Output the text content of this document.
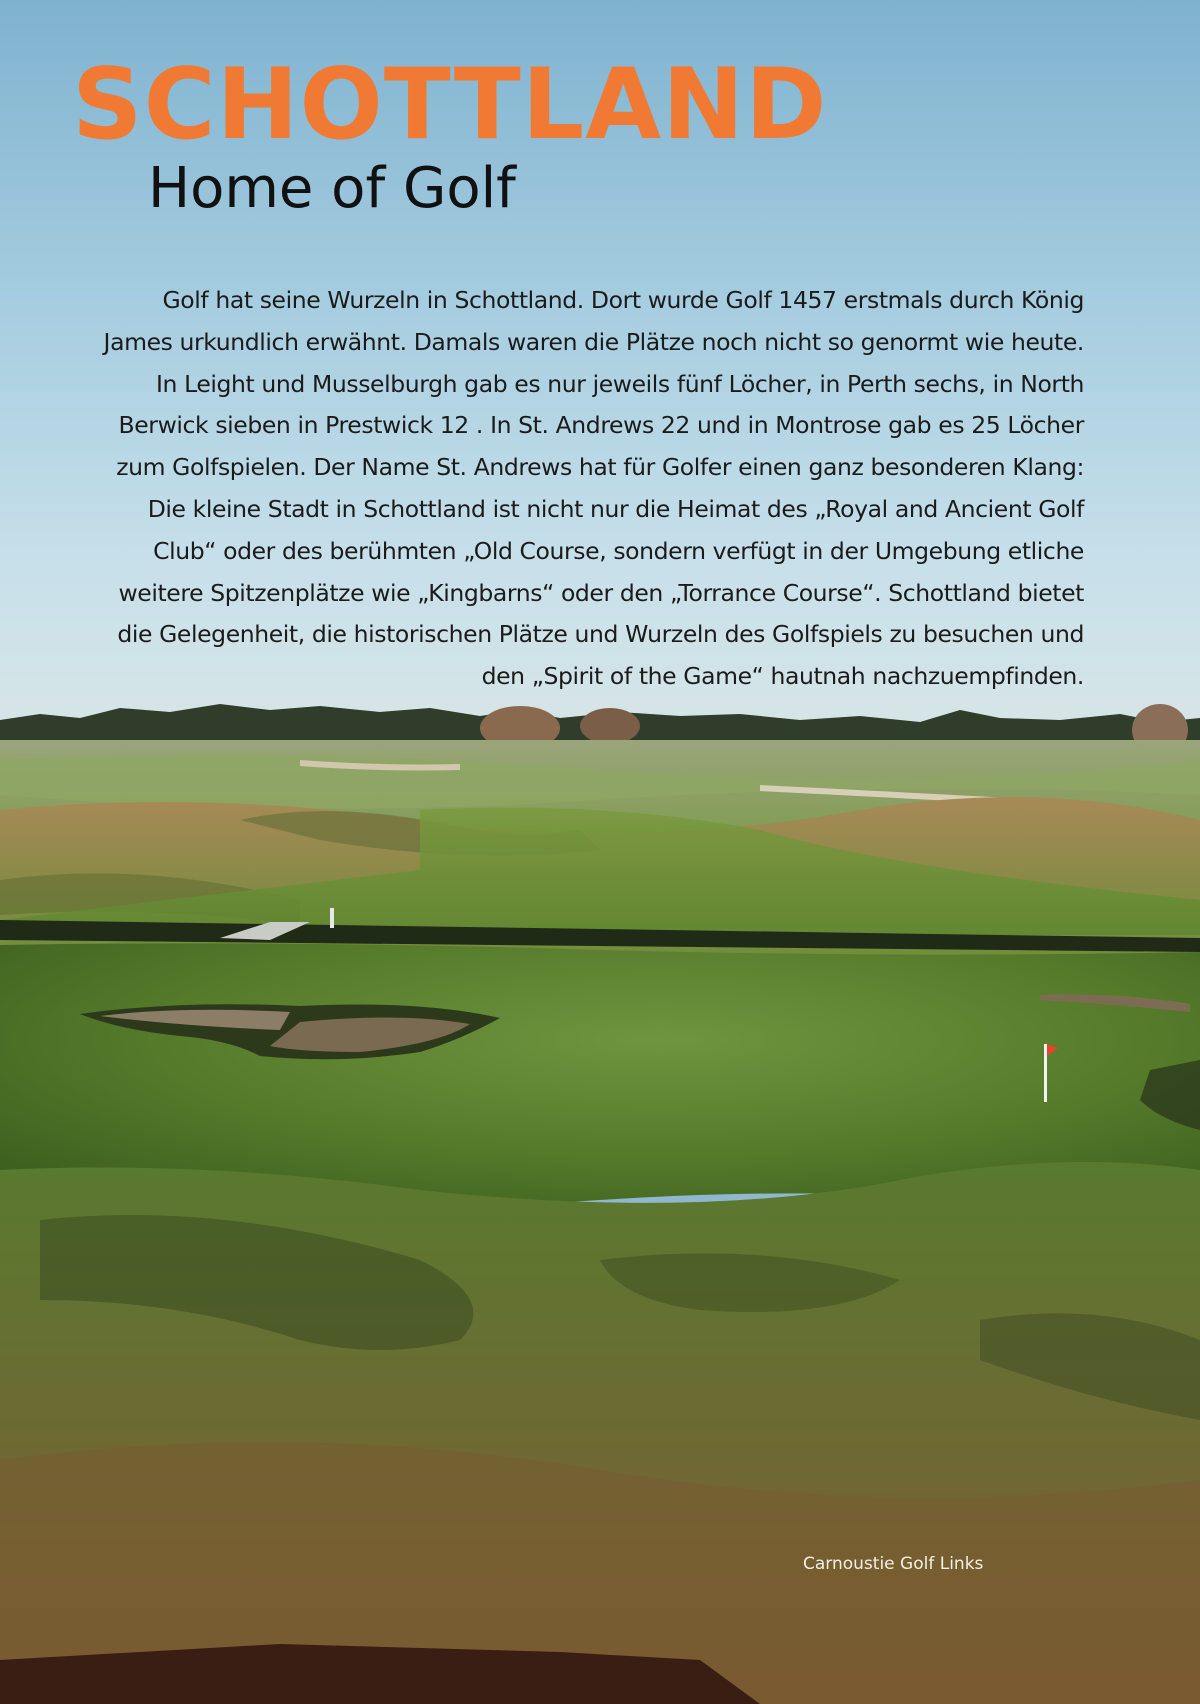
SCHOTTLAND
Home of Golf

Golf hat seine Wurzeln in Schottland. Dort wurde Golf 1457 erstmals durch König
James urkundlich erwähnt. Damals waren die Plätze noch nicht so genormt wie heute.
In Leight und Musselburgh gab es nur jeweils fünf Löcher, in Perth sechs, in North
Berwick sieben in Prestwick 12 . In St. Andrews 22 und in Montrose gab es 25 Löcher
zum Golfspielen. Der Name St. Andrews hat für Golfer einen ganz besonderen Klang:
Die kleine Stadt in Schottland ist nicht nur die Heimat des „Royal and Ancient Golf
Club“ oder des berühmten „Old Course, sondern verfügt in der Umgebung etliche
weitere Spitzenplätze wie „Kingbarns“ oder den „Torrance Course“. Schottland bietet
die Gelegenheit, die historischen Plätze und Wurzeln des Golfspiels zu besuchen und
den „Spirit of the Game“ hautnah nachzuempfinden.

Carnoustie Golf Links
